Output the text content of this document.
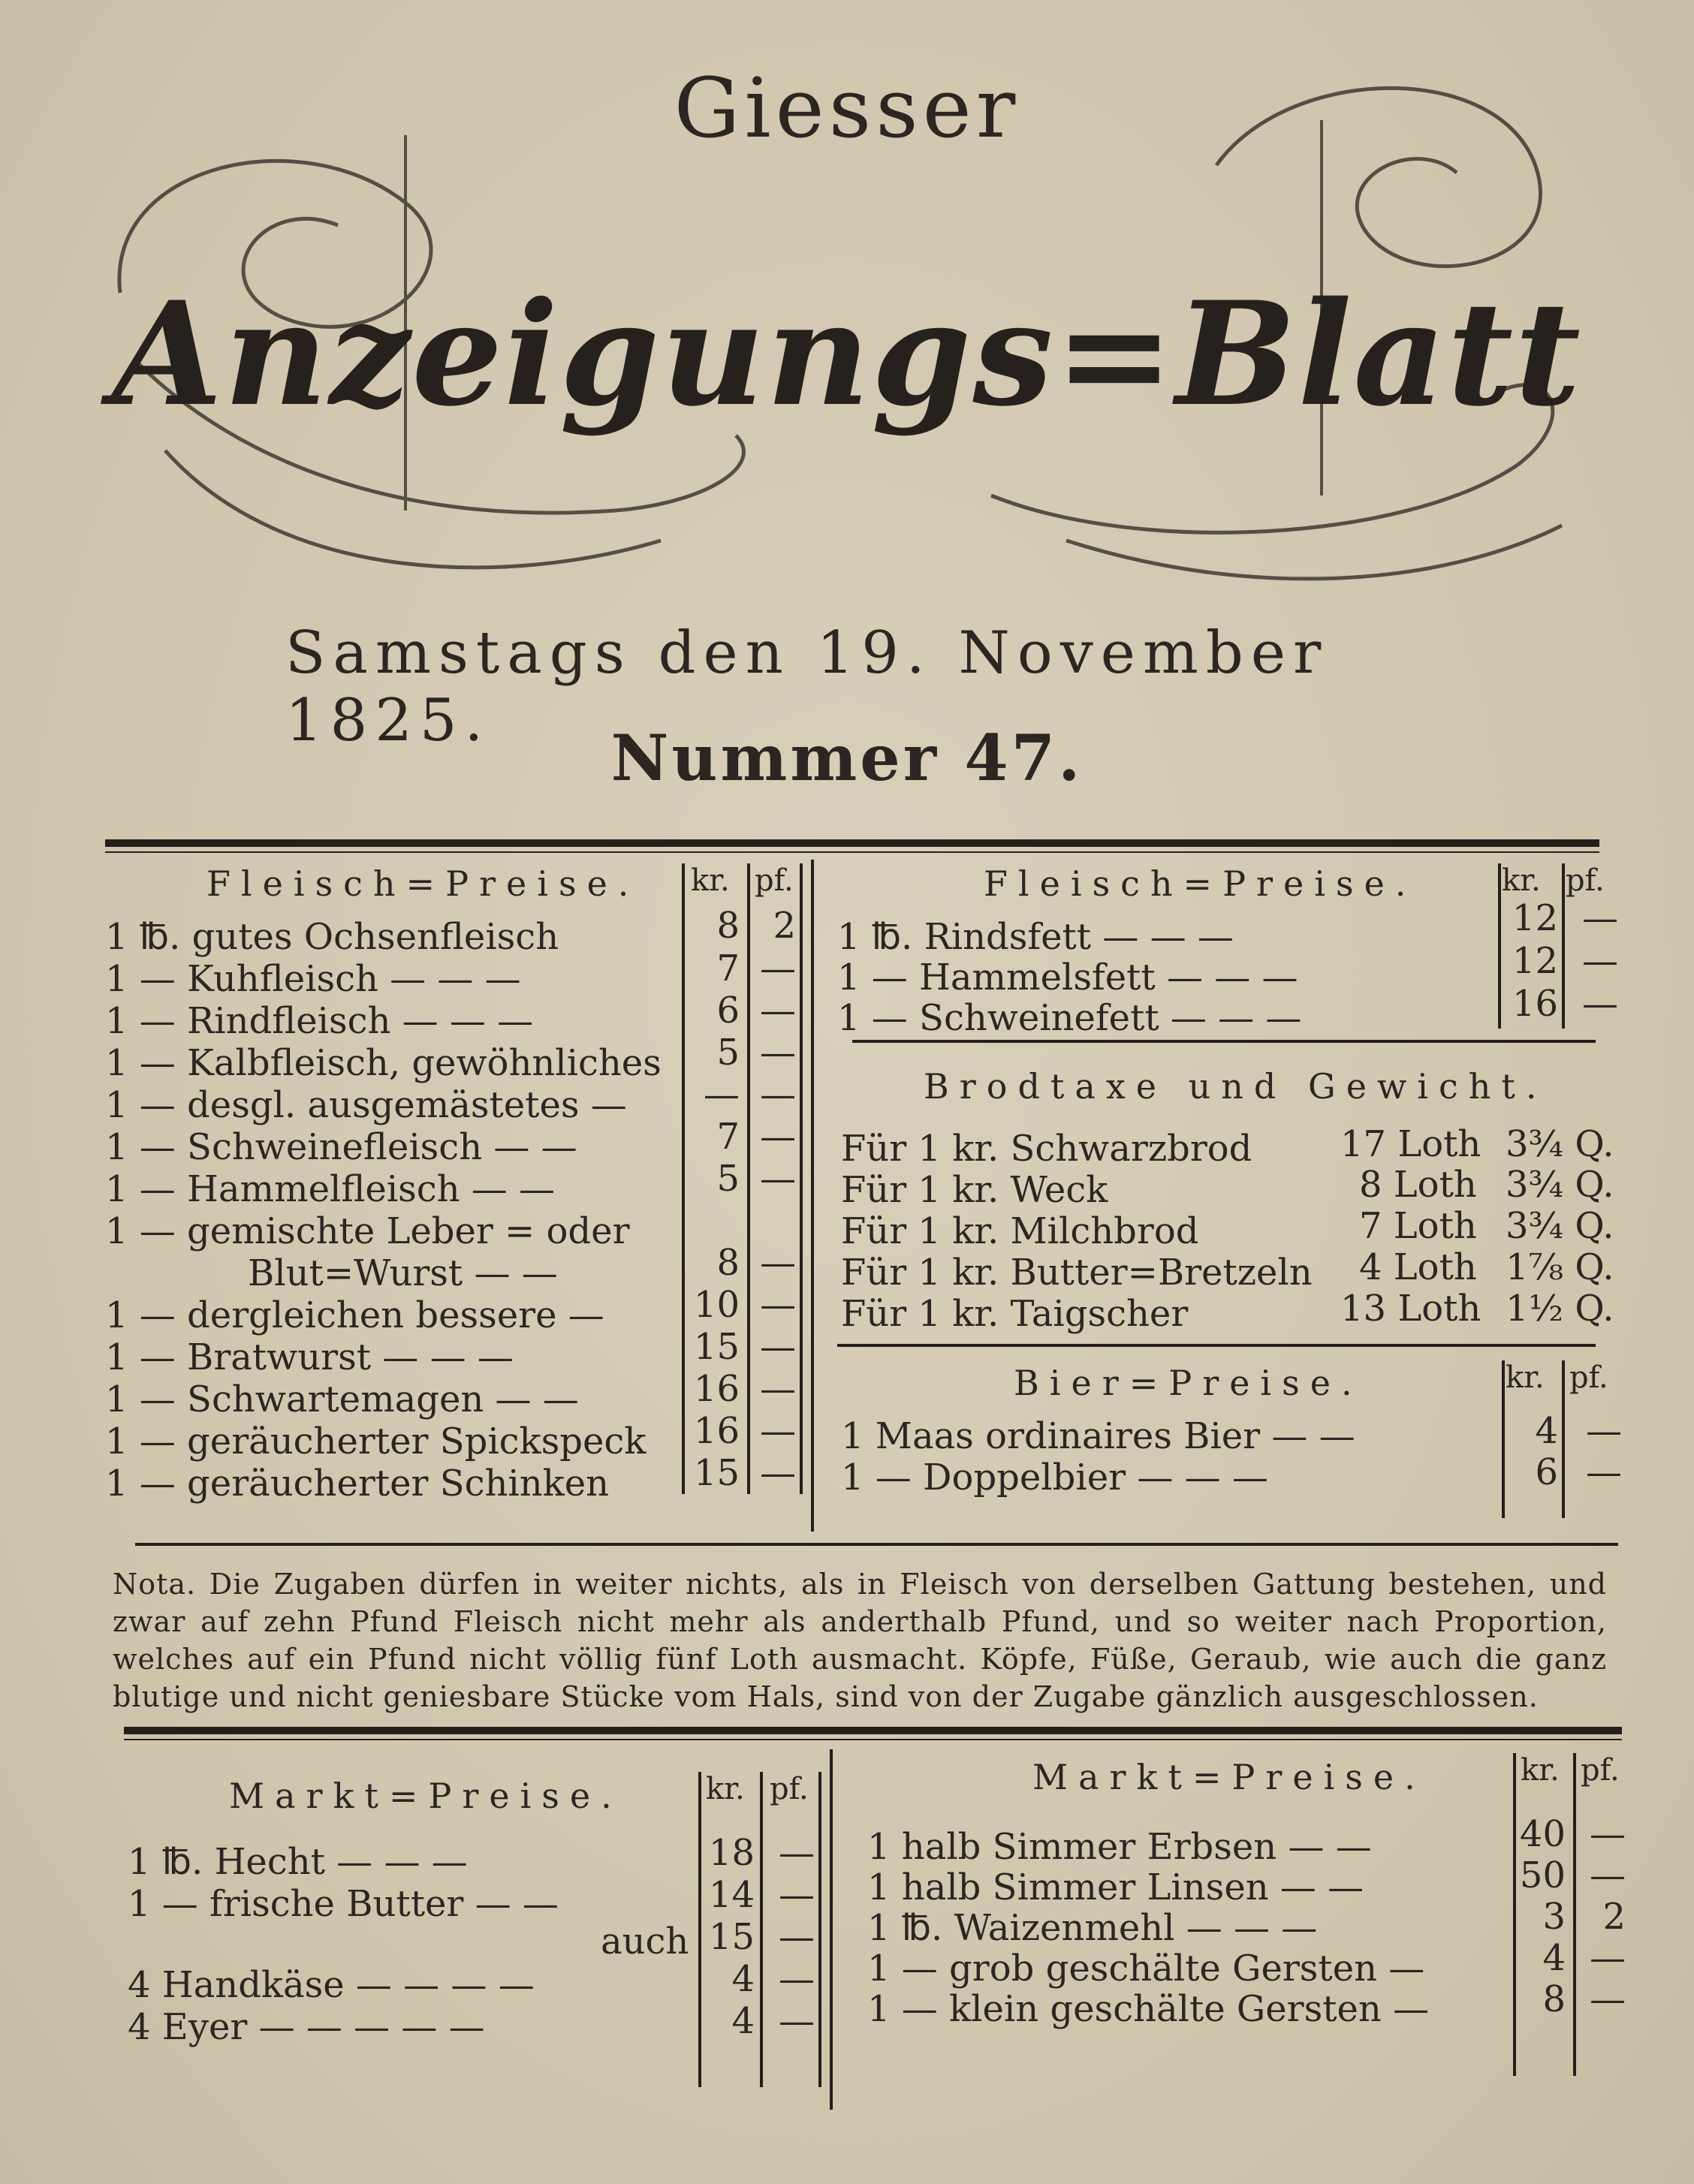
Giesser
Anzeigungs=Blatt
Samstags den 19. November 1825.	Nummer 47.
Fleisch=Preise. kr. pf.
1 ℔. gutes Ochsenfleisch	8 2
1 — Kuhfleisch — — —	7 —
1 — Rindfleisch — — —	6 —
1 — Kalbfleisch, gewöhnliches	5 —
1 — desgl. ausgemästetes —	— —
1 — Schweinefleisch — —	7 —
1 — Hammelfleisch — —	5 —
1 — gemischte Leber = oder
Blut=Wurst — —	8 —
1 — dergleichen bessere —	10 —
1 — Bratwurst — — —	15 —
1 — Schwartemagen — —	16 —
1 — geräucherter Spickspeck	16 —
1 — geräucherter Schinken	15 —
Fleisch=Preise.	kr. pf.
1 ℔. Rindsfett — — —	12 —
1 — Hammelsfett — — —	12 —
1 — Schweinefett — — —	16 —
Brodtaxe und Gewicht.
Für 1 kr. Schwarzbrod 17 Loth 3¾ Q.
Für 1 kr. Weck	8 Loth 3¾ Q.
Für 1 kr. Milchbrod	7 Loth 3¾ Q.
Für 1 kr. Butter=Bretzeln 4 Loth 1⅞ Q.
Für 1 kr. Taigscher	13 Loth 1½ Q.
Bier=Preise.	kr. pf.
1 Maas ordinaires Bier — —	4 —
1 — Doppelbier — — —	6 —
Nota. Die Zugaben dürfen in weiter nichts, als in Fleisch von derselben Gattung bestehen, und zwar auf zehn Pfund Fleisch nicht mehr als anderthalb Pfund, und so weiter nach Proportion, welches auf ein Pfund nicht völlig fünf Loth ausmacht. Köpfe, Füße, Geraub, wie auch die ganz blutige und nicht geniesbare Stücke vom Hals, sind von der Zugabe gänzlich ausgeschlossen.
Markt=Preise.	kr. pf.
1 ℔. Hecht — — —	18 —
1 — frische Butter — —	14 —
auch 15 —
4 Handkäse — — — —	4 —
4 Eyer — — — — —	4 —
Markt=Preise.	kr. pf.
1 halb Simmer Erbsen — —	40 —
1 halb Simmer Linsen — —	50 —
1 ℔. Waizenmehl — — —	3	2
1 — grob geschälte Gersten —	4 —
1 — klein geschälte Gersten —	8 —
